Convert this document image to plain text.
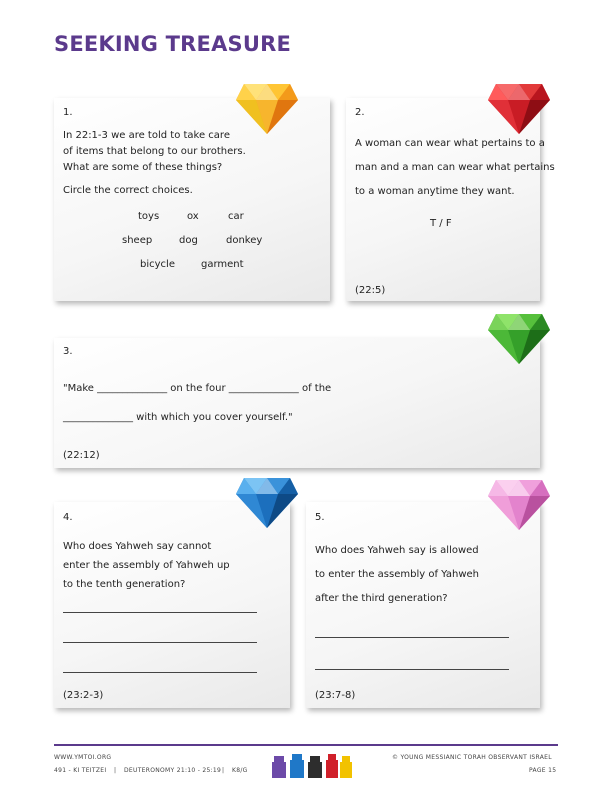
SEEKING TREASURE
1.
In 22:1-3 we are told to take care
of items that belong to our brothers.
What are some of these things?
Circle the correct choices.
toys	ox	car
sheep	dog	donkey
bicycle	garment
2.
A woman can wear what pertains to a
man and a man can wear what pertains
to a woman anytime they want.
T / F
(22:5)
3.
"Make ______________ on the four ______________ of the
______________ with which you cover yourself."
(22:12)
4.
Who does Yahweh say cannot
enter the assembly of Yahweh up
to the tenth generation?
(23:2-3)
5.
Who does Yahweh say is allowed
to enter the assembly of Yahweh
after the third generation?
(23:7-8)
WWW.YMTOI.ORG
491 - KI TEITZEI | DEUTERONOMY 21:10 - 25:19 | K8/G
© YOUNG MESSIANIC TORAH OBSERVANT ISRAEL
PAGE 15
